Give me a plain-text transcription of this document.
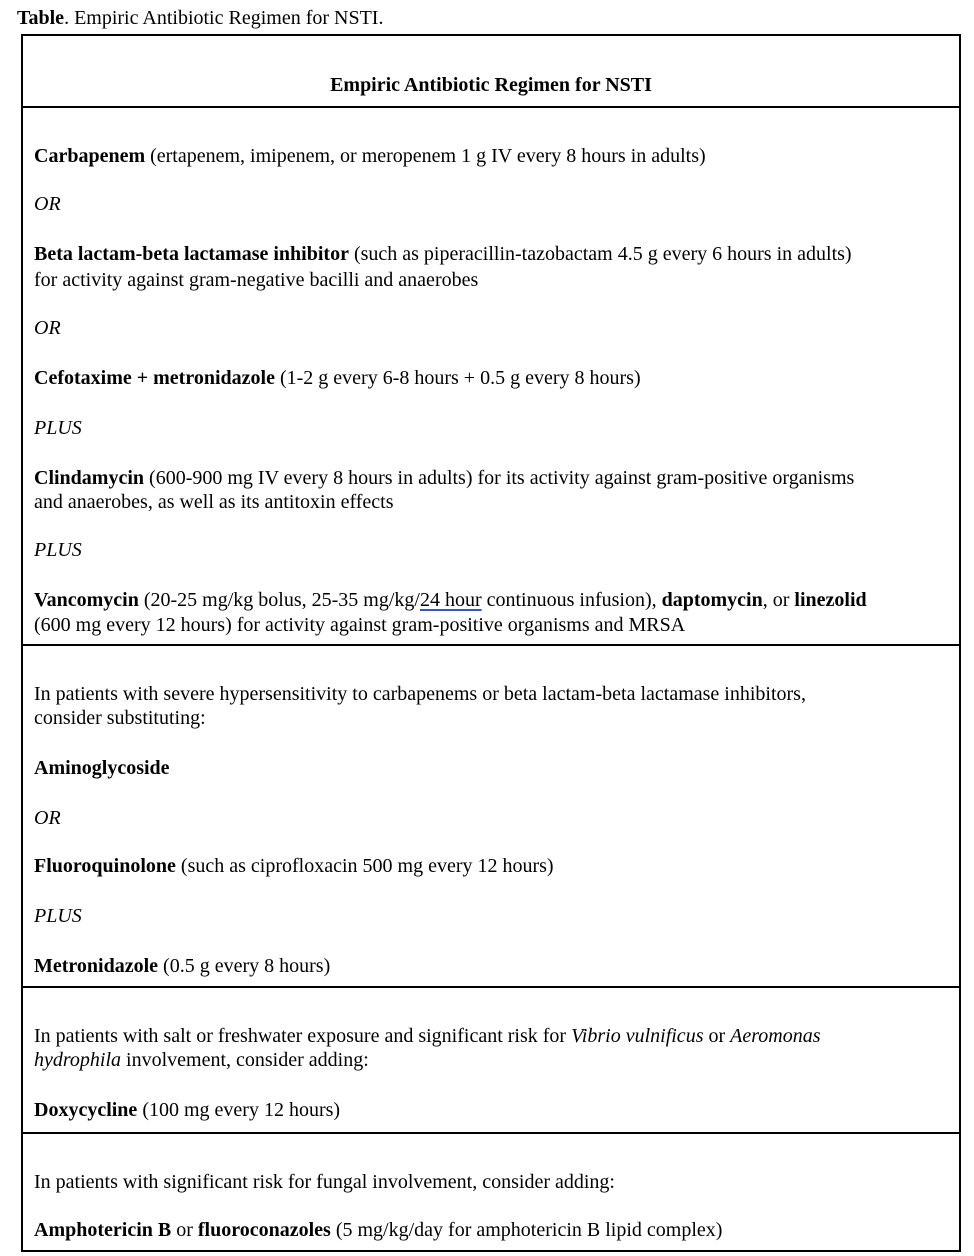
Table. Empiric Antibiotic Regimen for NSTI.
Empiric Antibiotic Regimen for NSTI
Carbapenem (ertapenem, imipenem, or meropenem 1 g IV every 8 hours in adults)
OR
Beta lactam-beta lactamase inhibitor (such as piperacillin-tazobactam 4.5 g every 6 hours in adults)
for activity against gram-negative bacilli and anaerobes
OR
Cefotaxime + metronidazole (1-2 g every 6-8 hours + 0.5 g every 8 hours)
PLUS
Clindamycin (600-900 mg IV every 8 hours in adults) for its activity against gram-positive organisms
and anaerobes, as well as its antitoxin effects
PLUS
Vancomycin (20-25 mg/kg bolus, 25-35 mg/kg/24 hour continuous infusion), daptomycin, or linezolid
(600 mg every 12 hours) for activity against gram-positive organisms and MRSA
In patients with severe hypersensitivity to carbapenems or beta lactam-beta lactamase inhibitors,
consider substituting:
Aminoglycoside
OR
Fluoroquinolone (such as ciprofloxacin 500 mg every 12 hours)
PLUS
Metronidazole (0.5 g every 8 hours)
In patients with salt or freshwater exposure and significant risk for Vibrio vulnificus or Aeromonas
hydrophila involvement, consider adding:
Doxycycline (100 mg every 12 hours)
In patients with significant risk for fungal involvement, consider adding:
Amphotericin B or fluoroconazoles (5 mg/kg/day for amphotericin B lipid complex)
